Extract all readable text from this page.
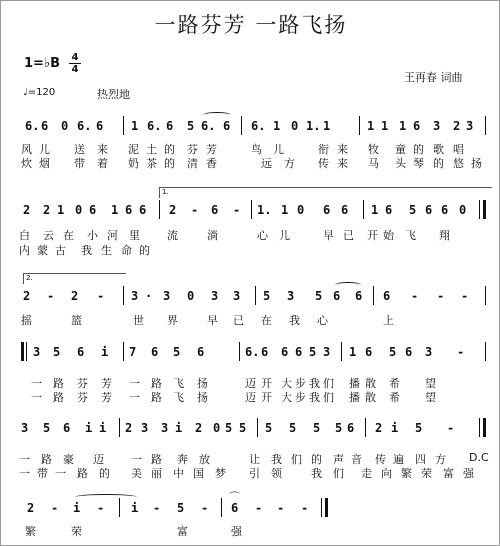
一路芬芳 一路飞扬
1=♭B $\frac{4}{4}$
♩=120	热烈地
王再春 词曲
6. 6 0 6. 6 1 6. 6 5 6. 6 6. 1 0 1. 1	1 1 1 6 3 2 3
风 儿 送 来 泥 土 的 芬 芳	鸟 儿	衔 来 牧 童 的 歌 唱
炊 烟 带 着 奶 茶 的 清 香	远 方 传 来 马 头 琴 的 悠 扬
1.
2 2 1 0 6 1 6 6 2 - 6 - 1. 1 0 6 6 1 6 5 6 6 0
白 云 在 小 河 里 流	淌	心 儿	早 已 开 始 飞 翔
内 蒙 古 我 生 命 的
2.
2 - 2 - 3 · 3 0 3 3 5 3 5 6 6 6 - - -
摇	篮	世 界	早 已 在 我 心	上
3 5 6 i 7 6 5 6	6. 6 6 6 5 3 1 6 5 6 3 -
一 路 芬 芳 一 路 飞 扬	迈 开 大 步 我 们 播 散 希 望
一 路 芬 芳 一 路 飞 扬	迈 开 大 步 我 们 播 散 希 望
3 5 6 i i 2 3 3 i 2 0 5 5 5 5 5 5 6 2 i 5 -
一 路 豪 迈 一 路 奔 放	让 我 们 的 声 音 传 遍 四 方 D.C
一 带 一 路 的 美 丽 中 国 梦 引 领	我 们 走 向 繁 荣 富 强
2 - i - i - 5 -
⌒
6 - - -
繁	荣	富	强
